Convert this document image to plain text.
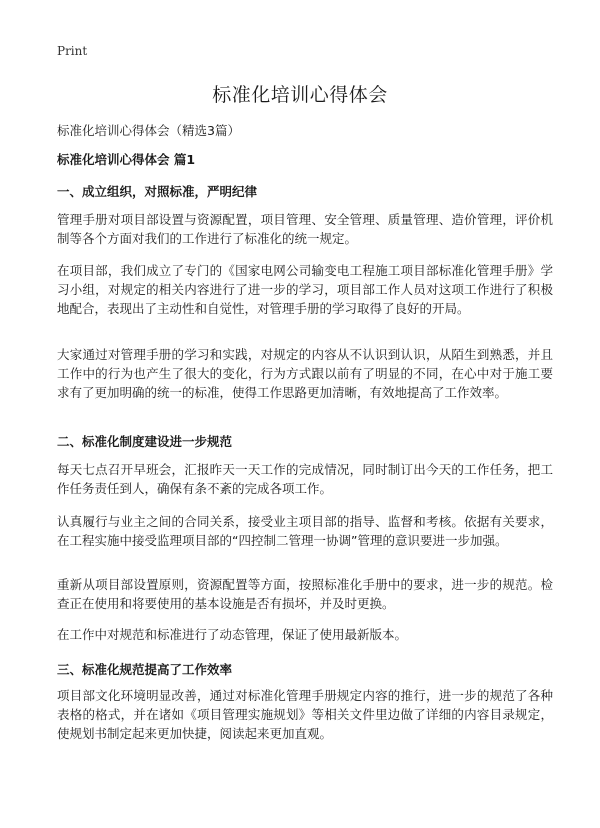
Print
标准化培训心得体会

标准化培训心得体会（精选3篇）

标准化培训心得体会 篇1

一、成立组织，对照标准，严明纪律

管理手册对项目部设置与资源配置，项目管理、安全管理、质量管理、造价管理，评价机制等各个方面对我们的工作进行了标准化的统一规定。

在项目部，我们成立了专门的《国家电网公司输变电工程施工项目部标准化管理手册》学习小组，对规定的相关内容进行了进一步的学习，项目部工作人员对这项工作进行了积极地配合，表现出了主动性和自觉性，对管理手册的学习取得了良好的开局。

大家通过对管理手册的学习和实践，对规定的内容从不认识到认识，从陌生到熟悉，并且工作中的行为也产生了很大的变化，行为方式跟以前有了明显的不同，在心中对于施工要求有了更加明确的统一的标准，使得工作思路更加清晰，有效地提高了工作效率。

二、标准化制度建设进一步规范

每天七点召开早班会，汇报昨天一天工作的完成情况，同时制订出今天的工作任务，把工作任务责任到人，确保有条不紊的完成各项工作。

认真履行与业主之间的合同关系，接受业主项目部的指导、监督和考核。依据有关要求，在工程实施中接受监理项目部的“四控制二管理一协调”管理的意识要进一步加强。

重新从项目部设置原则，资源配置等方面，按照标准化手册中的要求，进一步的规范。检查正在使用和将要使用的基本设施是否有损坏，并及时更换。

在工作中对规范和标准进行了动态管理，保证了使用最新版本。

三、标准化规范提高了工作效率

项目部文化环境明显改善，通过对标准化管理手册规定内容的推行，进一步的规范了各种表格的格式，并在诸如《项目管理实施规划》等相关文件里边做了详细的内容目录规定，使规划书制定起来更加快捷，阅读起来更加直观。
